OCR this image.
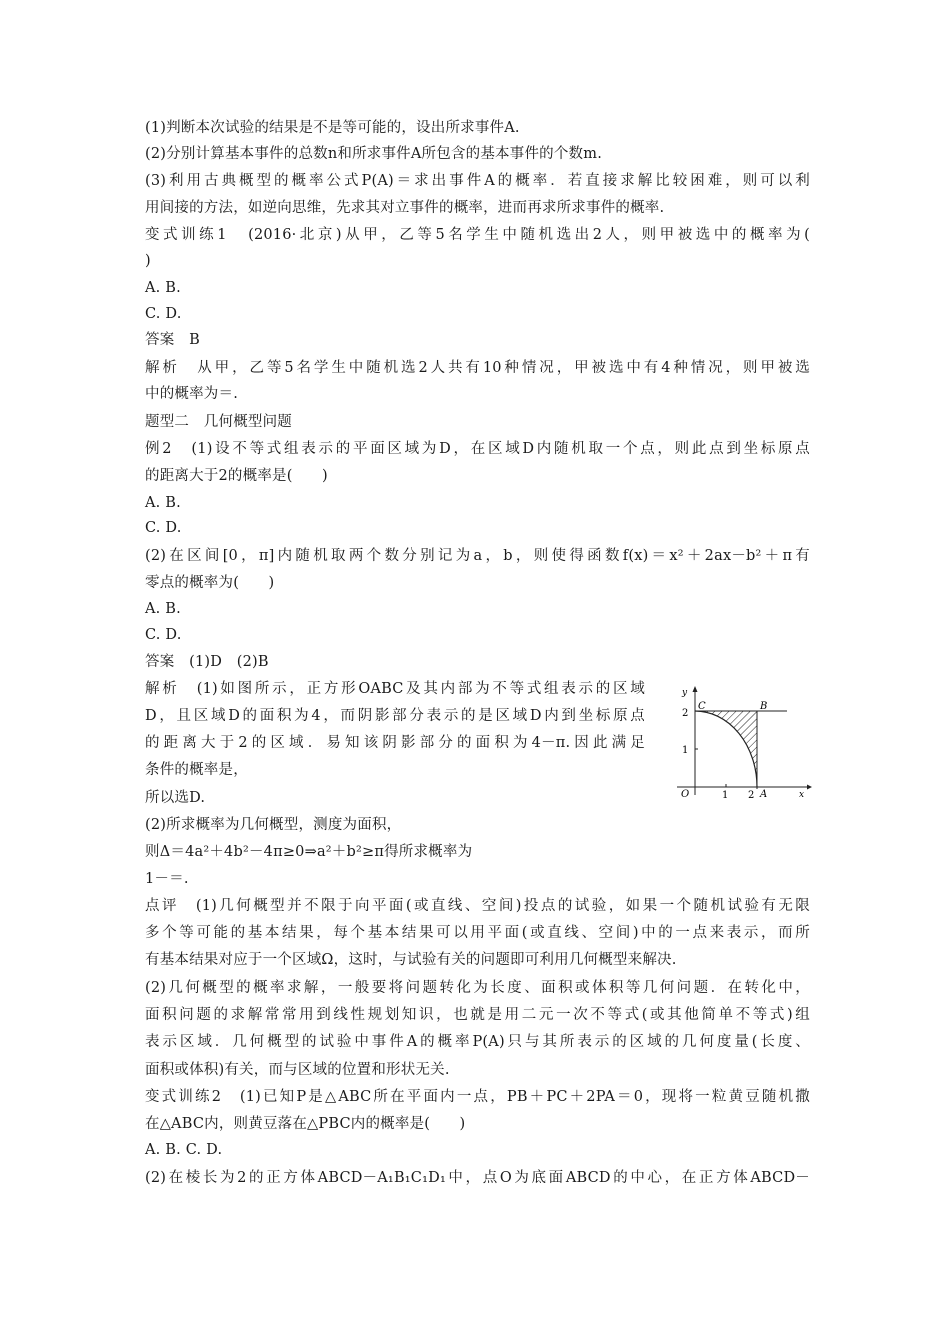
(1)判断本次试验的结果是不是等可能的，设出所求事件A.
(2)分别计算基本事件的总数n和所求事件A所包含的基本事件的个数m.
(3)利用古典概型的概率公式P(A)＝求出事件A的概率．若直接求解比较困难，则可以利
用间接的方法，如逆向思维，先求其对立事件的概率，进而再求所求事件的概率.
变式训练1　(2016·北京)从甲，乙等5名学生中随机选出2人，则甲被选中的概率为(
)
A. B.
C. D.
答案　B
解析　从甲，乙等5名学生中随机选2人共有10种情况，甲被选中有4种情况，则甲被选
中的概率为＝.
题型二　几何概型问题
例2　(1)设不等式组表示的平面区域为D，在区域D内随机取一个点，则此点到坐标原点
的距离大于2的概率是(　　)
A. B.
C. D.
(2)在区间[0，π]内随机取两个数分别记为a，b，则使得函数f(x)＝x²＋2ax－b²＋π有
零点的概率为(　　)
A. B.
C. D.
答案　(1)D　(2)B
解析　(1)如图所示，正方形OABC及其内部为不等式组表示的区域
D，且区域D的面积为4，而阴影部分表示的是区域D内到坐标原点
的距离大于2的区域．易知该阴影部分的面积为4－π.因此满足
条件的概率是，
所以选D.
(2)所求概率为几何概型，测度为面积，
则Δ＝4a²＋4b²－4π≥0⇒a²＋b²≥π得所求概率为
1－＝.
点评　(1)几何概型并不限于向平面(或直线、空间)投点的试验，如果一个随机试验有无限
多个等可能的基本结果，每个基本结果可以用平面(或直线、空间)中的一点来表示，而所
有基本结果对应于一个区域Ω，这时，与试验有关的问题即可利用几何概型来解决.
(2)几何概型的概率求解，一般要将问题转化为长度、面积或体积等几何问题．在转化中，
面积问题的求解常常用到线性规划知识，也就是用二元一次不等式(或其他简单不等式)组
表示区域．几何概型的试验中事件A的概率P(A)只与其所表示的区域的几何度量(长度、
面积或体积)有关，而与区域的位置和形状无关.
变式训练2　(1)已知P是△ABC所在平面内一点，PB＋PC＋2PA＝0，现将一粒黄豆随机撒
在△ABC内，则黄豆落在△PBC内的概率是(　　)
A. B. C. D.
(2)在棱长为2的正方体ABCD－A₁B₁C₁D₁中，点O为底面ABCD的中心，在正方体ABCD－
y
x
O	1 2 A
1
2
C	B
